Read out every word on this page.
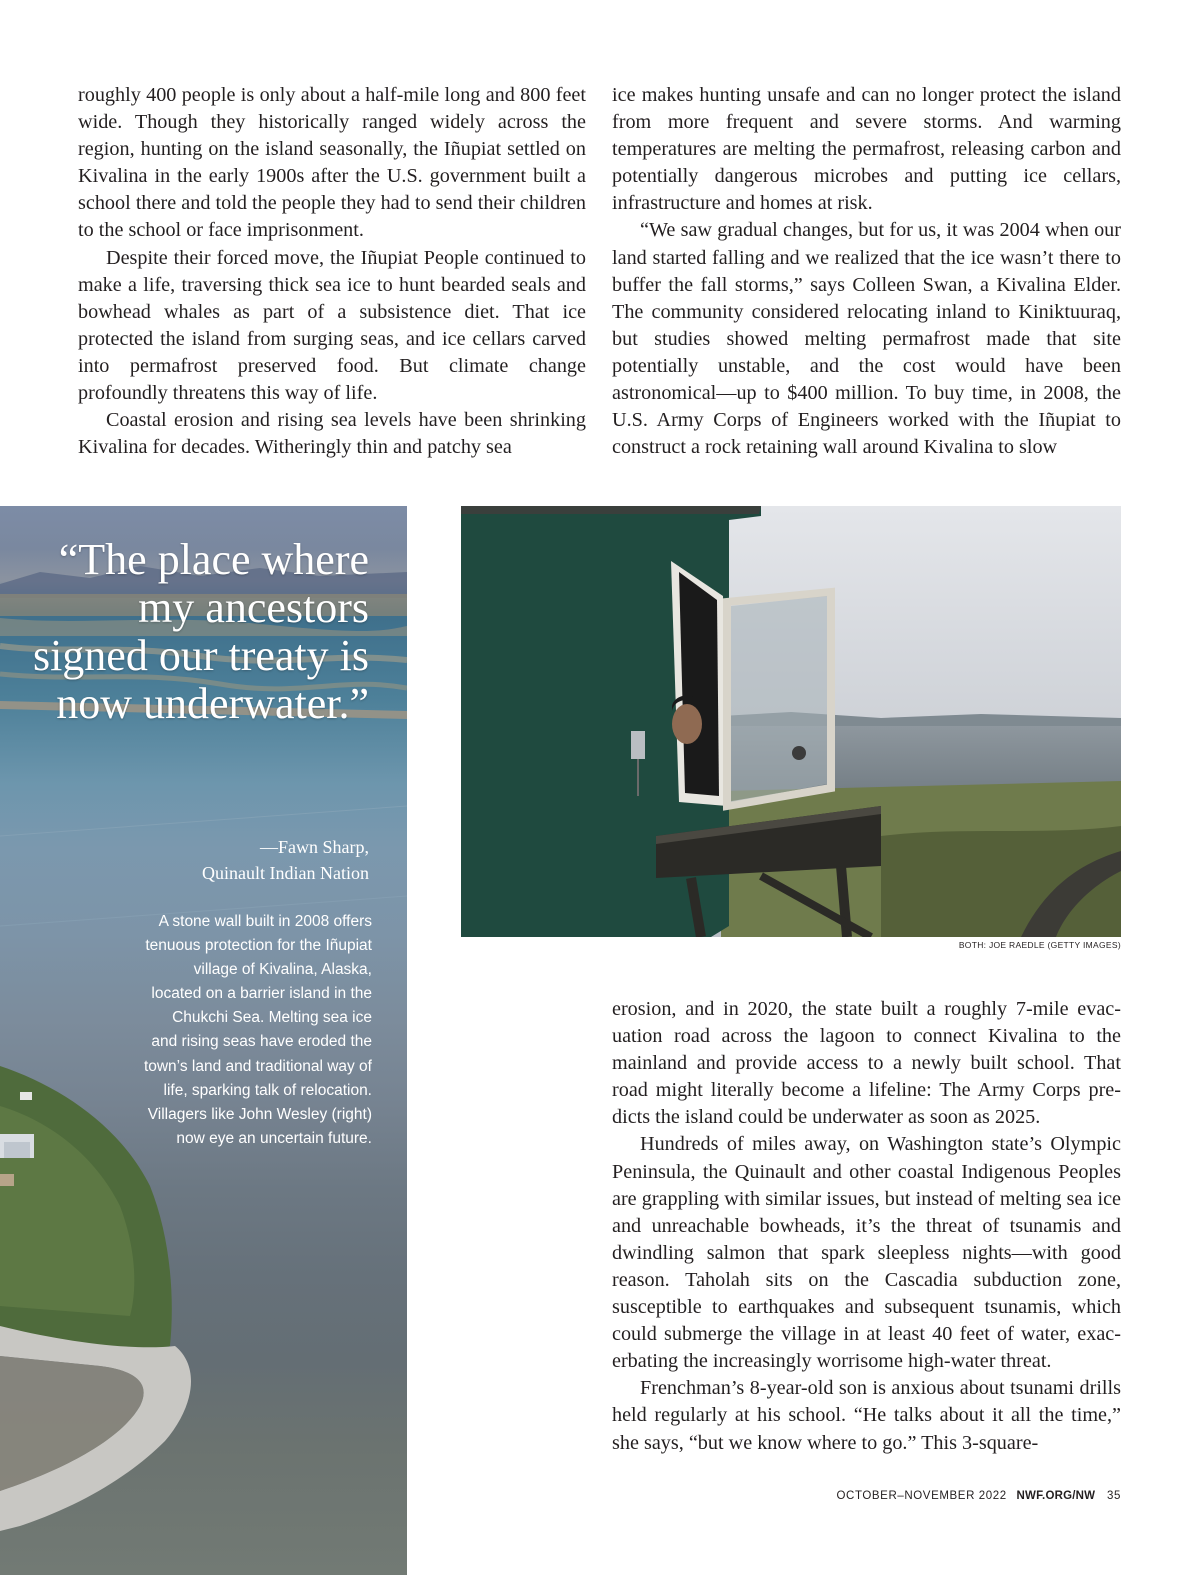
roughly 400 people is only about a half-mile long and 800 feet wide. Though they historically ranged widely across the region, hunting on the island seasonally, the Iñupiat settled on Kivalina in the early 1900s after the U.S. government built a school there and told the people they had to send their children to the school or face imprisonment.

Despite their forced move, the Iñupiat People continued to make a life, traversing thick sea ice to hunt bearded seals and bowhead whales as part of a subsistence diet. That ice protected the island from surging seas, and ice cellars carved into permafrost preserved food. But climate change profoundly threatens this way of life.

Coastal erosion and rising sea levels have been shrinking Kivalina for decades. Witheringly thin and patchy sea

ice makes hunting unsafe and can no longer protect the island from more frequent and severe storms. And warming temperatures are melting the permafrost, releasing carbon and potentially dangerous microbes and putting ice cellars, infrastructure and homes at risk.

“We saw gradual changes, but for us, it was 2004 when our land started falling and we realized that the ice wasn’t there to buffer the fall storms,” says Colleen Swan, a Kivalina Elder. The community considered relocating inland to Kiniktuuraq, but studies showed melting permafrost made that site potentially unstable, and the cost would have been astronomical—up to $400 million. To buy time, in 2008, the U.S. Army Corps of Engineers worked with the Iñupiat to construct a rock retaining wall around Kivalina to slow

“The place where my ancestors signed our treaty is now underwater.”
—Fawn Sharp,
Quinault Indian Nation
A stone wall built in 2008 offers tenuous protection for the Iñupiat village of Kivalina, Alaska, located on a barrier island in the Chukchi Sea. Melting sea ice and rising seas have eroded the town’s land and traditional way of life, sparking talk of relocation. Villagers like John Wesley (right) now eye an uncertain future.
BOTH: JOE RAEDLE (GETTY IMAGES)

erosion, and in 2020, the state built a roughly 7-mile evacuation road across the lagoon to connect Kivalina to the mainland and provide access to a newly built school. That road might literally become a lifeline: The Army Corps predicts the island could be underwater as soon as 2025.

Hundreds of miles away, on Washington state’s Olympic Peninsula, the Quinault and other coastal Indigenous Peoples are grappling with similar issues, but instead of melting sea ice and unreachable bowheads, it’s the threat of tsunamis and dwindling salmon that spark sleepless nights—with good reason. Taholah sits on the Cascadia subduction zone, susceptible to earthquakes and subsequent tsunamis, which could submerge the village in at least 40 feet of water, exacerbating the increasingly worrisome high-water threat.

Frenchman’s 8-year-old son is anxious about tsunami drills held regularly at his school. “He talks about it all the time,” she says, “but we know where to go.” This 3-square-

OCTOBER–NOVEMBER 2022 NWF.ORG/NW 35
